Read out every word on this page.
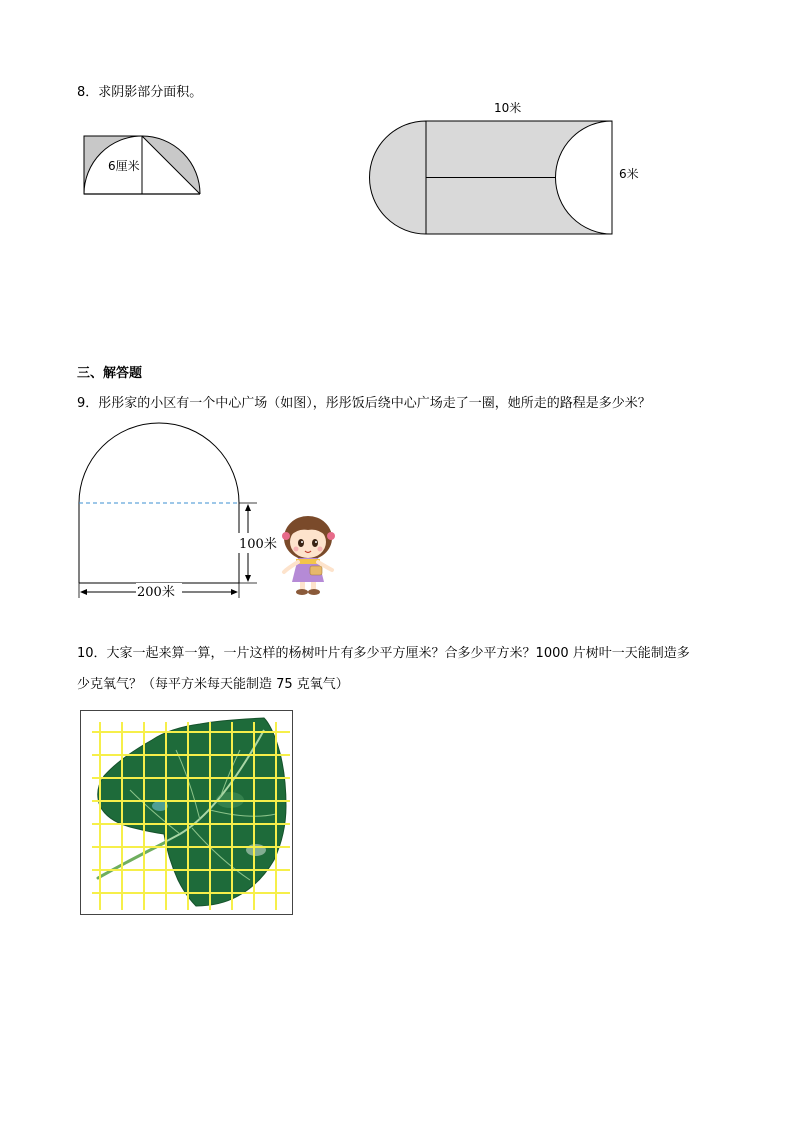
8．求阴影部分面积。
6厘米
10米
6米
三、解答题
9．彤彤家的小区有一个中心广场（如图），彤彤饭后绕中心广场走了一圈，她所走的路程是多少米？
100米
200米
10．大家一起来算一算，一片这样的杨树叶片有多少平方厘米？合多少平方米？1000 片树叶一天能制造多
少克氧气？（每平方米每天能制造 75 克氧气）
